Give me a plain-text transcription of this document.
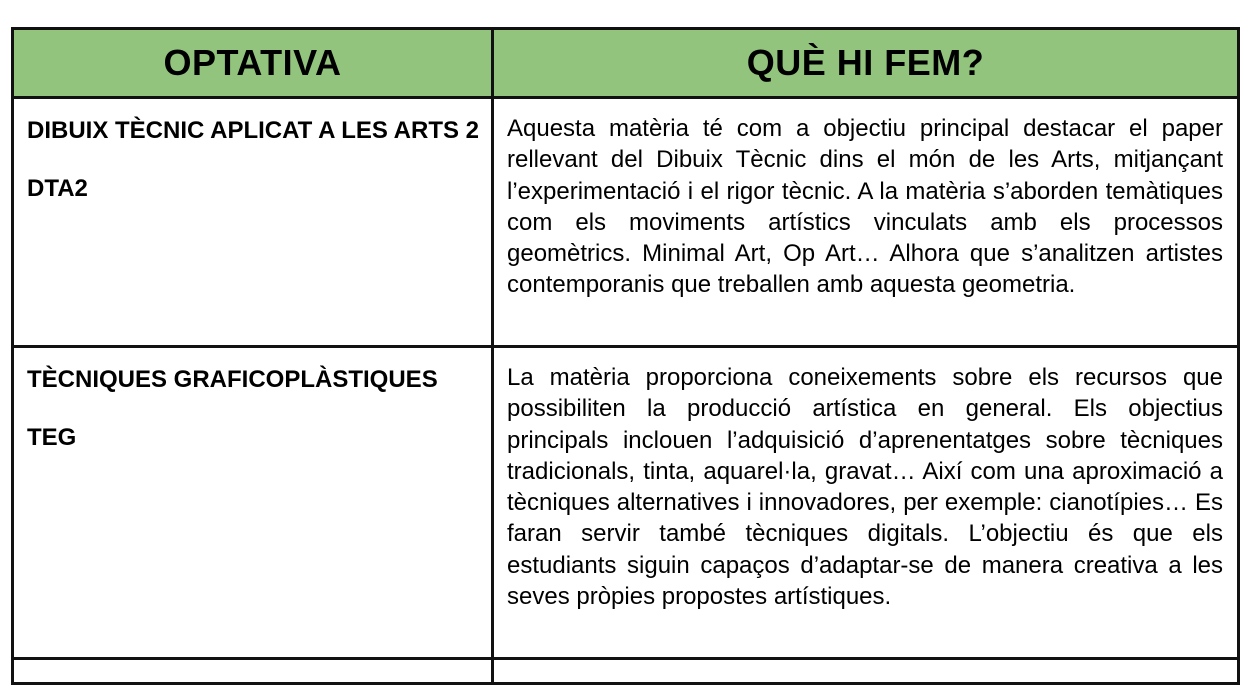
OPTATIVA	QUÈ HI FEM?

DIBUIX TÈCNIC APLICAT A LES ARTS 2
DTA2	Aquesta matèria té com a objectiu principal destacar el paper rellevant del Dibuix Tècnic dins el món de les Arts, mitjançant l’experimentació i el rigor tècnic. A la matèria s’aborden temàtiques com els moviments artístics vinculats amb els processos geomètrics. Minimal Art, Op Art… Alhora que s’analitzen artistes contemporanis que treballen amb aquesta geometria.

TÈCNIQUES GRAFICOPLÀSTIQUES
TEG	La matèria proporciona coneixements sobre els recursos que possibiliten la producció artística en general. Els objectius principals inclouen l’adquisició d’aprenentatges sobre tècniques tradicionals, tinta, aquarel·la, gravat… Així com una aproximació a tècniques alternatives i innovadores, per exemple: cianotípies… Es faran servir també tècniques digitals. L’objectiu és que els estudiants siguin capaços d’adaptar-se de manera creativa a les seves pròpies propostes artístiques.
